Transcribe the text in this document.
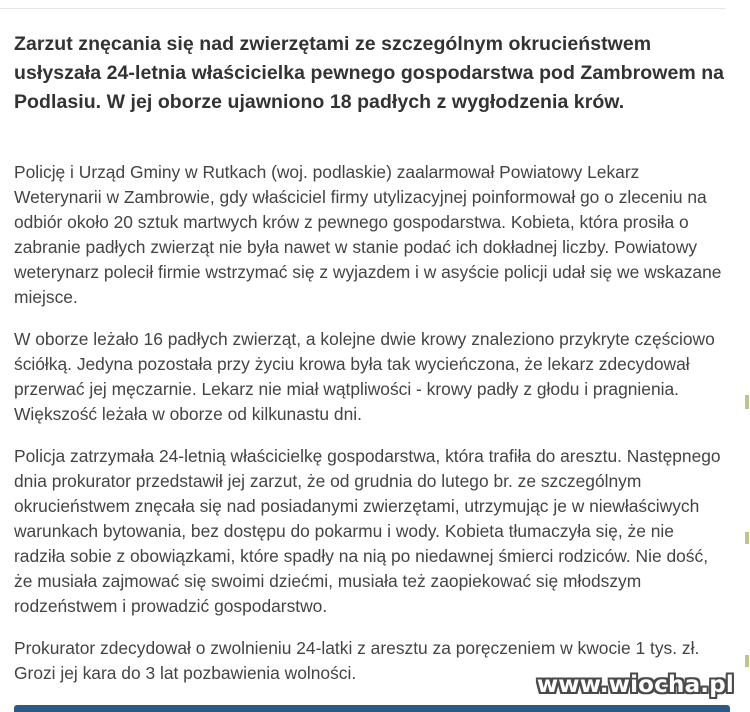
Zarzut znęcania się nad zwierzętami ze szczególnym okrucieństwem usłyszała 24-letnia właścicielka pewnego gospodarstwa pod Zambrowem na Podlasiu. W jej oborze ujawniono 18 padłych z wygłodzenia krów.

Policję i Urząd Gminy w Rutkach (woj. podlaskie) zaalarmował Powiatowy Lekarz Weterynarii w Zambrowie, gdy właściciel firmy utylizacyjnej poinformował go o zleceniu na odbiór około 20 sztuk martwych krów z pewnego gospodarstwa. Kobieta, która prosiła o zabranie padłych zwierząt nie była nawet w stanie podać ich dokładnej liczby. Powiatowy weterynarz polecił firmie wstrzymać się z wyjazdem i w asyście policji udał się we wskazane miejsce.

W oborze leżało 16 padłych zwierząt, a kolejne dwie krowy znaleziono przykryte częściowo ściółką. Jedyna pozostała przy życiu krowa była tak wycieńczona, że lekarz zdecydował przerwać jej męczarnie. Lekarz nie miał wątpliwości - krowy padły z głodu i pragnienia. Większość leżała w oborze od kilkunastu dni.

Policja zatrzymała 24-letnią właścicielkę gospodarstwa, która trafiła do aresztu. Następnego dnia prokurator przedstawił jej zarzut, że od grudnia do lutego br. ze szczególnym okrucieństwem znęcała się nad posiadanymi zwierzętami, utrzymując je w niewłaściwych warunkach bytowania, bez dostępu do pokarmu i wody. Kobieta tłumaczyła się, że nie radziła sobie z obowiązkami, które spadły na nią po niedawnej śmierci rodziców. Nie dość, że musiała zajmować się swoimi dziećmi, musiała też zaopiekować się młodszym rodzeństwem i prowadzić gospodarstwo.

Prokurator zdecydował o zwolnieniu 24-latki z aresztu za poręczeniem w kwocie 1 tys. zł. Grozi jej kara do 3 lat pozbawienia wolności.	www.wiocha.pl
